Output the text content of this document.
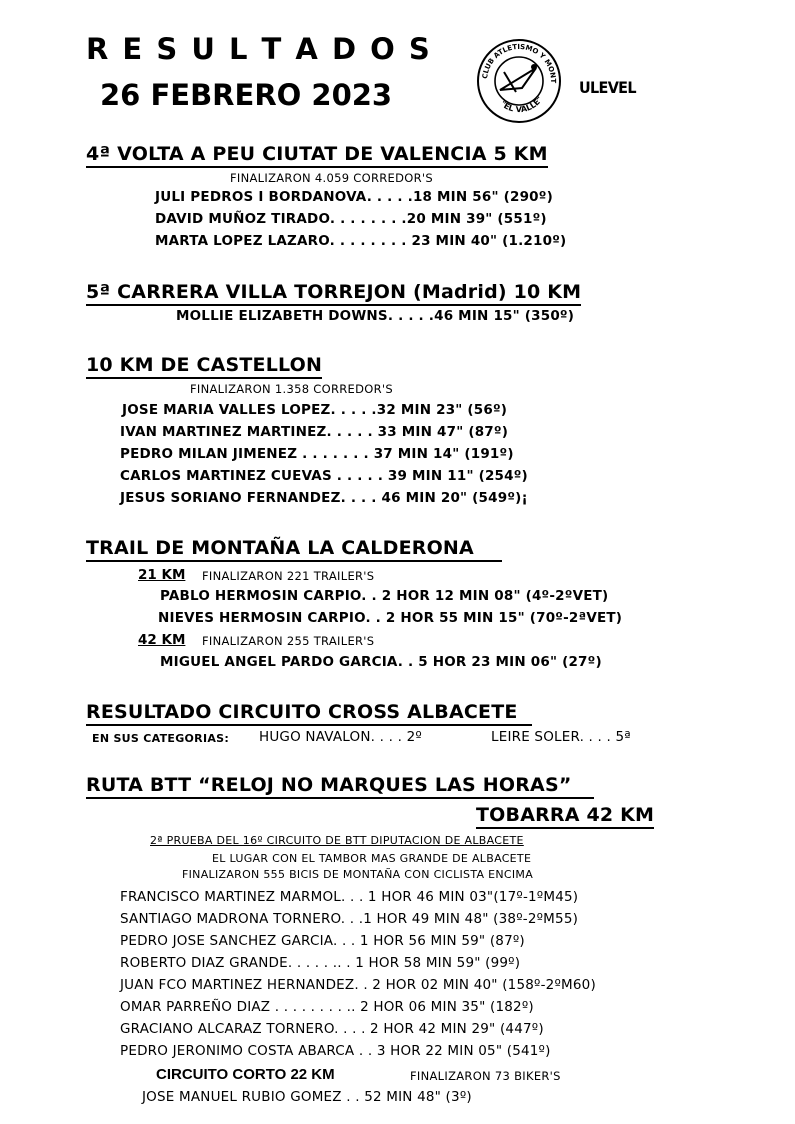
R E S U L T A D O S
26 FEBRERO 2023
CLUB ATLETISMO Y MONT
"EL VALLE"
ULEVEL
4ª VOLTA A PEU CIUTAT DE VALENCIA 5 KM
FINALIZARON 4.059 CORREDOR'S
JULI PEDROS I BORDANOVA. . . . .18 MIN 56" (290º)
DAVID MUÑOZ TIRADO. . . . . . . .20 MIN 39" (551º)
MARTA LOPEZ LAZARO. . . . . . . . 23 MIN 40" (1.210º)
5ª CARRERA VILLA TORREJON (Madrid) 10 KM
MOLLIE ELIZABETH DOWNS. . . . .46 MIN 15" (350º)
10 KM DE CASTELLON
FINALIZARON 1.358 CORREDOR'S
JOSE MARIA VALLES LOPEZ. . . . .32 MIN 23" (56º)
IVAN MARTINEZ MARTINEZ. . . . . 33 MIN 47" (87º)
PEDRO MILAN JIMENEZ . . . . . . . 37 MIN 14" (191º)
CARLOS MARTINEZ CUEVAS . . . . . 39 MIN 11" (254º)
JESUS SORIANO FERNANDEZ. . . . 46 MIN 20" (549º)¡
TRAIL DE MONTAÑA LA CALDERONA
21 KM FINALIZARON 221 TRAILER'S
PABLO HERMOSIN CARPIO. . 2 HOR 12 MIN 08" (4º-2ºVET)
NIEVES HERMOSIN CARPIO. . 2 HOR 55 MIN 15" (70º-2ªVET)
42 KM FINALIZARON 255 TRAILER'S
MIGUEL ANGEL PARDO GARCIA. . 5 HOR 23 MIN 06" (27º)
RESULTADO CIRCUITO CROSS ALBACETE
EN SUS CATEGORIAS: HUGO NAVALON. . . . 2º	LEIRE SOLER. . . . 5ª
RUTA BTT “RELOJ NO MARQUES LAS HORAS”
TOBARRA 42 KM
2ª PRUEBA DEL 16º CIRCUITO DE BTT DIPUTACION DE ALBACETE
EL LUGAR CON EL TAMBOR MAS GRANDE DE ALBACETE
FINALIZARON 555 BICIS DE MONTAÑA CON CICLISTA ENCIMA
FRANCISCO MARTINEZ MARMOL. . . 1 HOR 46 MIN 03"(17º-1ºM45)
SANTIAGO MADRONA TORNERO. . .1 HOR 49 MIN 48" (38º-2ºM55)
PEDRO JOSE SANCHEZ GARCIA. . . 1 HOR 56 MIN 59" (87º)
ROBERTO DIAZ GRANDE. . . . . .. . 1 HOR 58 MIN 59" (99º)
JUAN FCO MARTINEZ HERNANDEZ. . 2 HOR 02 MIN 40" (158º-2ºM60)
OMAR PARREÑO DIAZ . . . . . . . . .. 2 HOR 06 MIN 35" (182º)
GRACIANO ALCARAZ TORNERO. . . . 2 HOR 42 MIN 29" (447º)
PEDRO JERONIMO COSTA ABARCA . . 3 HOR 22 MIN 05" (541º)
CIRCUITO CORTO 22 KM	FINALIZARON 73 BIKER'S
JOSE MANUEL RUBIO GOMEZ . . 52 MIN 48" (3º)
